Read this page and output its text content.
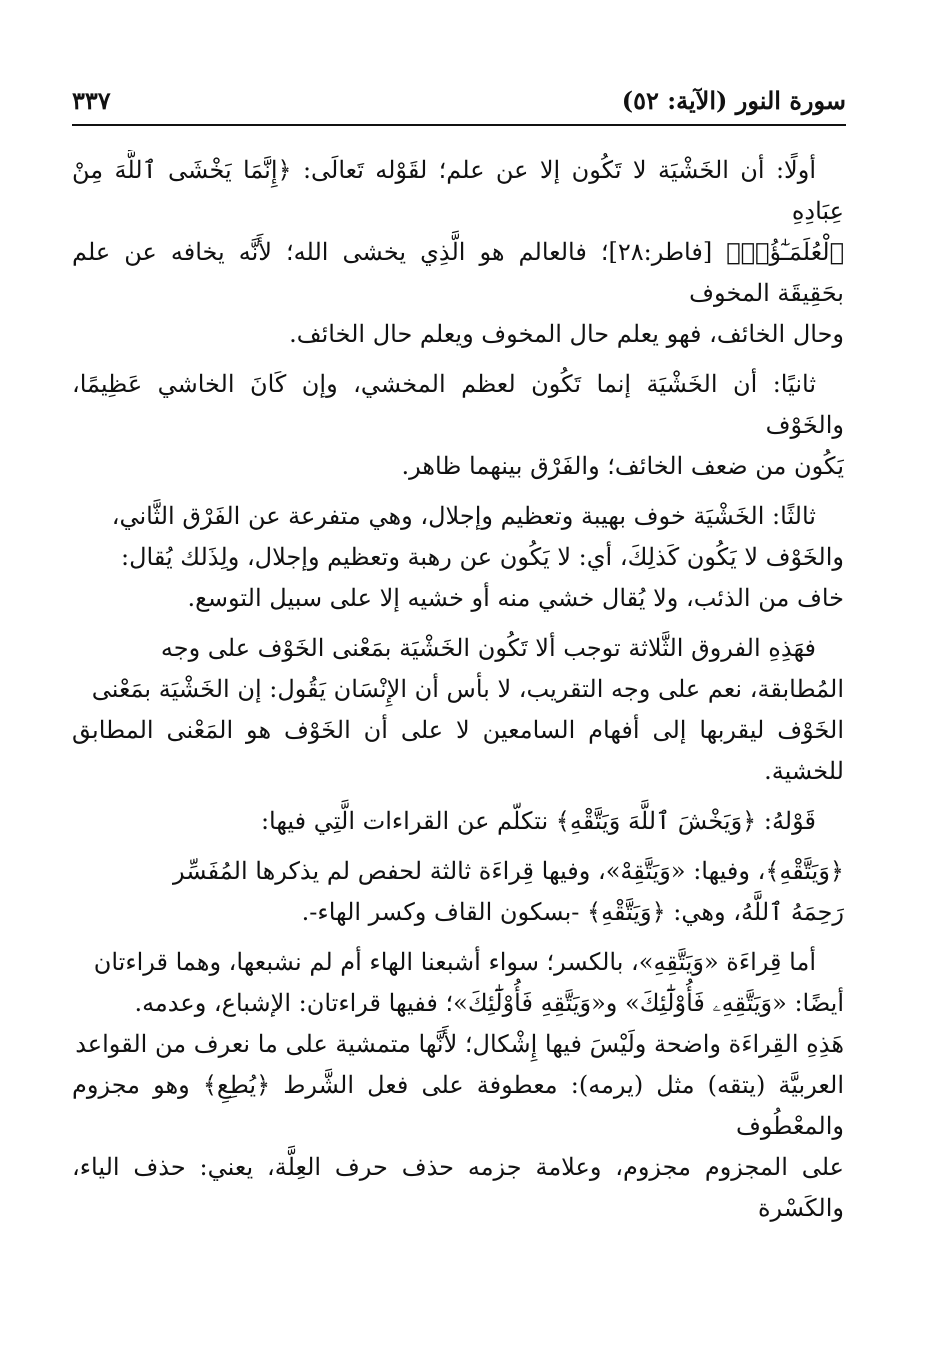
سورة النور (الآية: ٥٢)
٣٣٧

أولًا: أن الخَشْيَة لا تَكُون إلا عن علم؛ لقَوْله تَعالَى: ﴿إِنَّمَا يَخْشَى ٱللَّهَ مِنْ عِبَادِهِ
ٱلْعُلَمَـٰٓؤُا۟﴾ [فاطر:٢٨]؛ فالعالم هو الَّذِي يخشى الله؛ لأَنَّه يخافه عن علم بحَقِيقَة المخوف
وحال الخائف، فهو يعلم حال المخوف ويعلم حال الخائف.

ثانيًا: أن الخَشْيَة إنما تَكُون لعظم المخشي، وإن كَانَ الخاشي عَظِيمًا، والخَوْف
يَكُون من ضعف الخائف؛ والفَرْق بينهما ظاهر.

ثالثًا: الخَشْيَة خوف بهيبة وتعظيم وإجلال، وهي متفرعة عن الفَرْق الثَّاني،
والخَوْف لا يَكُون كَذلِكَ، أي: لا يَكُون عن رهبة وتعظيم وإجلال، ولِذَلك يُقال:
خاف من الذئب، ولا يُقال خشي منه أو خشيه إلا على سبيل التوسع.

فهَذِهِ الفروق الثَّلاثة توجب ألا تَكُون الخَشْيَة بمَعْنى الخَوْف على وجه
المُطابقة، نعم على وجه التقريب، لا بأس أن الإِنْسَان يَقُول: إن الخَشْيَة بمَعْنى
الخَوْف ليقربها إلى أفهام السامعين لا على أن الخَوْف هو المَعْنى المطابق للخشية.

قَوْلهُ: ﴿وَيَخْشَ ٱللَّهَ وَيَتَّقْهِ﴾ نتكلّم عن القراءات الَّتِي فيها:

﴿وَيَتَّقْهِ﴾، وفيها: «وَيَتَّقِهْ»، وفيها قِراءَة ثالثة لحفص لم يذكرها المُفَسِّر
رَحِمَهُ ٱللَّهُ، وهي: ﴿وَيَتَّقْهِ﴾ -بسكون القاف وكسر الهاء-.

أما قِراءَة «وَيَتَّقِهِ»، بالكسر؛ سواء أشبعنا الهاء أم لم نشبعها، وهما قراءتان
أيضًا: «وَيَتَّقِهِۦ فَأُوْلَٰٓئِكَ» و«وَيَتَّقِهِ فَأُوْلَٰٓئِكَ»؛ ففيها قراءتان: الإشباع، وعدمه.
هَذِهِ القِراءَة واضحة ولَيْسَ فيها إِشْكال؛ لأَنَّها متمشية على ما نعرف من القواعد
العربيَّة (يتقه) مثل (يرمه): معطوفة على فعل الشَّرط ﴿يُطِعِ﴾ وهو مجزوم والمعْطُوف
على المجزوم مجزوم، وعلامة جزمه حذف حرف العِلَّة، يعني: حذف الياء، والكَسْرة
